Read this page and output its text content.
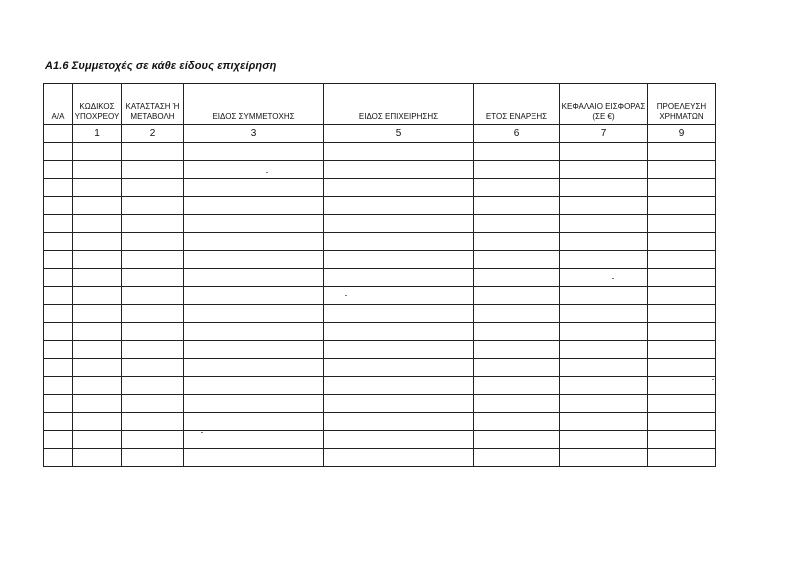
Α1.6 Συμμετοχές σε κάθε είδους επιχείρηση
Α/Α	ΚΩΔΙΚΟΣ ΥΠΟΧΡΕΟΥ	ΚΑΤΑΣΤΑΣΗ Ή ΜΕΤΑΒΟΛΗ	ΕΙΔΟΣ ΣΥΜΜΕΤΟΧΗΣ	ΕΙΔΟΣ ΕΠΙΧΕΙΡΗΣΗΣ	ΕΤΟΣ ΕΝΑΡΞΗΣ	ΚΕΦΑΛΑΙΟ ΕΙΣΦΟΡΑΣ (ΣΕ €)	ΠΡΟΕΛΕΥΣΗ ΧΡΗΜΑΤΩΝ
	1	2	3	5	6	7	9
